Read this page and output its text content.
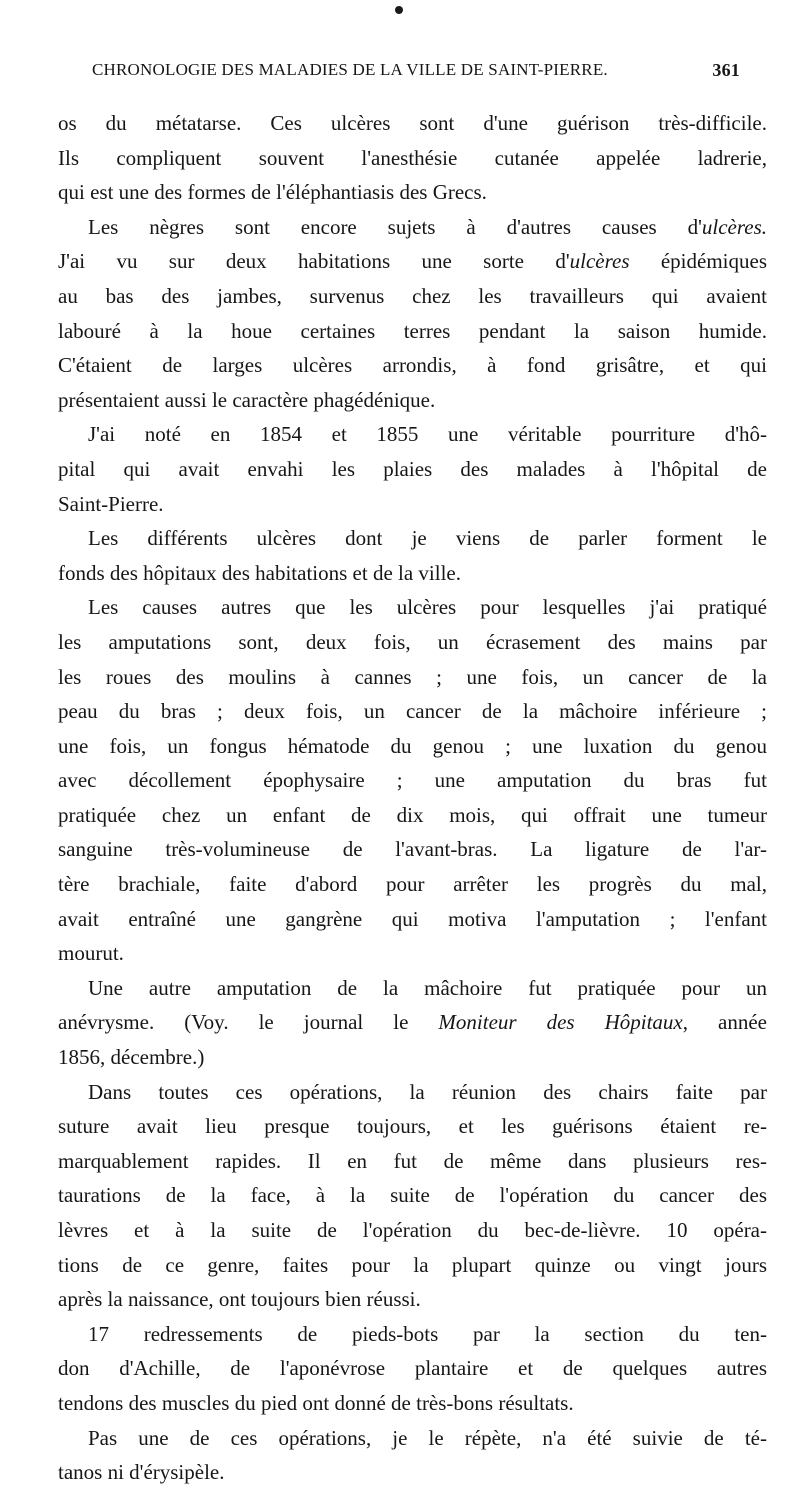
CHRONOLOGIE DES MALADIES DE LA VILLE DE SAINT-PIERRE.	361
os du métatarse. Ces ulcères sont d'une guérison très-difficile.
Ils compliquent souvent l'anesthésie cutanée appelée ladrerie,
qui est une des formes de l'éléphantiasis des Grecs.
Les nègres sont encore sujets à d'autres causes d'ulcères.
J'ai vu sur deux habitations une sorte d'ulcères épidémiques
au bas des jambes, survenus chez les travailleurs qui avaient
labouré à la houe certaines terres pendant la saison humide.
C'étaient de larges ulcères arrondis, à fond grisâtre, et qui
présentaient aussi le caractère phagédénique.
J'ai noté en 1854 et 1855 une véritable pourriture d'hô-
pital qui avait envahi les plaies des malades à l'hôpital de
Saint-Pierre.
Les différents ulcères dont je viens de parler forment le
fonds des hôpitaux des habitations et de la ville.
Les causes autres que les ulcères pour lesquelles j'ai pratiqué
les amputations sont, deux fois, un écrasement des mains par
les roues des moulins à cannes ; une fois, un cancer de la
peau du bras ; deux fois, un cancer de la mâchoire inférieure ;
une fois, un fongus hématode du genou ; une luxation du genou
avec décollement épophysaire ; une amputation du bras fut
pratiquée chez un enfant de dix mois, qui offrait une tumeur
sanguine très-volumineuse de l'avant-bras. La ligature de l'ar-
tère brachiale, faite d'abord pour arrêter les progrès du mal,
avait entraîné une gangrène qui motiva l'amputation ; l'enfant
mourut.
Une autre amputation de la mâchoire fut pratiquée pour un
anévrysme. (Voy. le journal le Moniteur des Hôpitaux, année
1856, décembre.)
Dans toutes ces opérations, la réunion des chairs faite par
suture avait lieu presque toujours, et les guérisons étaient re-
marquablement rapides. Il en fut de même dans plusieurs res-
taurations de la face, à la suite de l'opération du cancer des
lèvres et à la suite de l'opération du bec-de-lièvre. 10 opéra-
tions de ce genre, faites pour la plupart quinze ou vingt jours
après la naissance, ont toujours bien réussi.
17 redressements de pieds-bots par la section du ten-
don d'Achille, de l'aponévrose plantaire et de quelques autres
tendons des muscles du pied ont donné de très-bons résultats.
Pas une de ces opérations, je le répète, n'a été suivie de té-
tanos ni d'érysipèle.
